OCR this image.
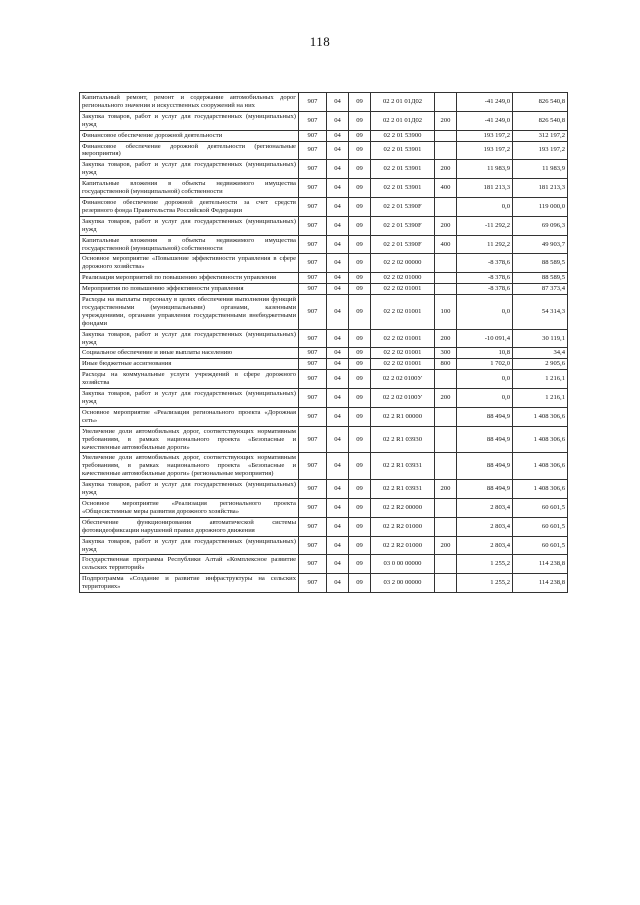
118
Капитальный ремонт, ремонт и содержание автомобильных дорог регионального значения и искусственных сооружений на них	907	04	09	02 2 01 01Д02		-41 249,0	826 540,8
Закупка товаров, работ и услуг для государственных (муниципальных) нужд	907	04	09	02 2 01 01Д02	200	-41 249,0	826 540,8
Финансовое обеспечение дорожной деятельности	907	04	09	02 2 01 53900		193 197,2	312 197,2
Финансовое обеспечение дорожной деятельности (региональные мероприятия)	907	04	09	02 2 01 53901		193 197,2	193 197,2
Закупка товаров, работ и услуг для государственных (муниципальных) нужд	907	04	09	02 2 01 53901	200	11 983,9	11 983,9
Капитальные вложения в объекты недвижимого имущества государственной (муниципальной) собственности	907	04	09	02 2 01 53901	400	181 213,3	181 213,3
Финансовое обеспечение дорожной деятельности за счет средств резервного фонда Правительства Российской Федерации	907	04	09	02 2 01 5390F		0,0	119 000,0
Закупка товаров, работ и услуг для государственных (муниципальных) нужд	907	04	09	02 2 01 5390F	200	-11 292,2	69 096,3
Капитальные вложения в объекты недвижимого имущества государственной (муниципальной) собственности	907	04	09	02 2 01 5390F	400	11 292,2	49 903,7
Основное мероприятие «Повышение эффективности управления в сфере дорожного хозяйства»	907	04	09	02 2 02 00000		-8 378,6	88 589,5
Реализация мероприятий по повышению эффективности управления	907	04	09	02 2 02 01000		-8 378,6	88 589,5
Мероприятия по повышению эффективности управления	907	04	09	02 2 02 01001		-8 378,6	87 373,4
Расходы на выплаты персоналу в целях обеспечения выполнения функций государственными (муниципальными) органами, казенными учреждениями, органами управления государственными внебюджетными фондами	907	04	09	02 2 02 01001	100	0,0	54 314,3
Закупка товаров, работ и услуг для государственных (муниципальных) нужд	907	04	09	02 2 02 01001	200	-10 091,4	30 119,1
Социальное обеспечение и иные выплаты населению	907	04	09	02 2 02 01001	300	10,8	34,4
Иные бюджетные ассигнования	907	04	09	02 2 02 01001	800	1 702,0	2 905,6
Расходы на коммунальные услуги учреждений в сфере дорожного хозяйства	907	04	09	02 2 02 0100У		0,0	1 216,1
Закупка товаров, работ и услуг для государственных (муниципальных) нужд	907	04	09	02 2 02 0100У	200	0,0	1 216,1
Основное мероприятие «Реализация регионального проекта «Дорожная сеть»	907	04	09	02 2 R1 00000		88 494,9	1 408 306,6
Увеличение доли автомобильных дорог, соответствующих нормативным требованиям, в рамках национального проекта «Безопасные и качественные автомобильные дороги»	907	04	09	02 2 R1 03930		88 494,9	1 408 306,6
Увеличение доли автомобильных дорог, соответствующих нормативным требованиям, в рамках национального проекта «Безопасные и качественные автомобильные дороги» (региональные мероприятия)	907	04	09	02 2 R1 03931		88 494,9	1 408 306,6
Закупка товаров, работ и услуг для государственных (муниципальных) нужд	907	04	09	02 2 R1 03931	200	88 494,9	1 408 306,6
Основное мероприятие «Реализация регионального проекта «Общесистемные меры развития дорожного хозяйства»	907	04	09	02 2 R2 00000		2 803,4	60 601,5
Обеспечение функционирования автоматической системы фотовидеофиксации нарушений правил дорожного движения	907	04	09	02 2 R2 01000		2 803,4	60 601,5
Закупка товаров, работ и услуг для государственных (муниципальных) нужд	907	04	09	02 2 R2 01000	200	2 803,4	60 601,5
Государственная программа Республики Алтай «Комплексное развитие сельских территорий»	907	04	09	03 0 00 00000		1 255,2	114 238,8
Подпрограмма «Создание и развитие инфраструктуры на сельских территориях»	907	04	09	03 2 00 00000		1 255,2	114 238,8
